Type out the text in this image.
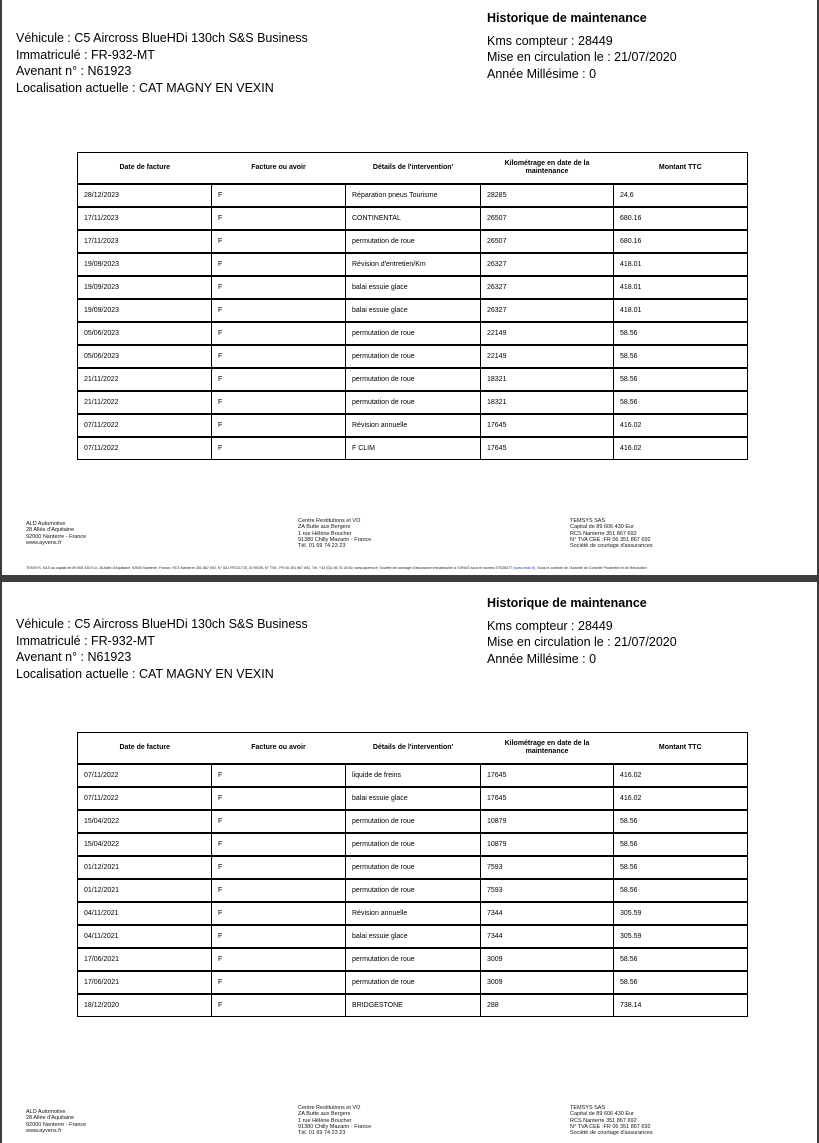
Véhicule : C5 Aircross BlueHDi 130ch S&S Business
Immatriculé : FR-932-MT
Avenant n° : N61923
Localisation actuelle : CAT MAGNY EN VEXIN
Historique de maintenance
Kms compteur : 28449
Mise en circulation le : 21/07/2020
Année Millésime : 0
Date de facture	Facture ou avoir	Détails de l'intervention'	Kilométrage en date de la maintenance	Montant TTC
28/12/2023	F	Réparation pneus Tourisme	28285	24.6
17/11/2023	F	CONTINENTAL	26507	680.16
17/11/2023	F	permutation de roue	26507	680.16
19/09/2023	F	Révision d'entretien/Km	26327	418.01
19/09/2023	F	balai essuie glace	26327	418.01
19/09/2023	F	balai essuie glace	26327	418.01
05/06/2023	F	permutation de roue	22149	58.56
05/06/2023	F	permutation de roue	22149	58.56
21/11/2022	F	permutation de roue	18321	58.56
21/11/2022	F	permutation de roue	18321	58.56
07/11/2022	F	Révision annuelle	17645	416.02
07/11/2022	F	F CLIM	17645	416.02
ALD Automotive
28 Allée d'Aquitaine
92000 Nanterre - France
www.ayvens.fr
Centre Restitutions et VO
ZA Butte aux Bergers
1 rue Hélène Boucher
91380 Chilly Mazarin - France
Tél. 01 69 74 23 23
TEMSYS SAS
Capital de 89 606 430 Eur
RCS Nanterre 351 867 692
N° TVA CEE :FR 06 351 867 692
Société de courtage d'assurances
TEMSYS, SAS au capital de 89 606 430 Eur, 28 Allée d'Aquitaine, 92000 Nanterre, France, RCS Nanterre 351 867 692, N° IDU FR231725_01YBOB, N° TVA : FR 06 351 867 692, Tél. +33 (0)1 56 76 18 60, www.ayvens.fr. Société de courtage d'assurance immatriculée à l'ORIAS sous le numéro 07026077 (www.orias.fr). Sous le contrôle de l'Autorité de Contrôle Prudentiel et de Résolution
Véhicule : C5 Aircross BlueHDi 130ch S&S Business
Immatriculé : FR-932-MT
Avenant n° : N61923
Localisation actuelle : CAT MAGNY EN VEXIN
Historique de maintenance
Kms compteur : 28449
Mise en circulation le : 21/07/2020
Année Millésime : 0
Date de facture	Facture ou avoir	Détails de l'intervention'	Kilométrage en date de la maintenance	Montant TTC
07/11/2022	F	liquide de freins	17645	416.02
07/11/2022	F	balai essuie glace	17645	416.02
15/04/2022	F	permutation de roue	10879	58.56
15/04/2022	F	permutation de roue	10879	58.56
01/12/2021	F	permutation de roue	7593	58.56
01/12/2021	F	permutation de roue	7593	58.56
04/11/2021	F	Révision annuelle	7344	305.59
04/11/2021	F	balai essuie glace	7344	305.59
17/06/2021	F	permutation de roue	3009	58.56
17/06/2021	F	permutation de roue	3009	58.56
18/12/2020	F	BRIDGESTONE	288	738.14
ALD Automotive
28 Allée d'Aquitaine
92000 Nanterre - France
www.ayvens.fr
Centre Restitutions et VO
ZA Butte aux Bergers
1 rue Hélène Boucher
91380 Chilly Mazarin - France
Tél. 01 69 74 23 23
TEMSYS SAS
Capital de 89 606 430 Eur
RCS Nanterre 351 867 692
N° TVA CEE :FR 06 351 867 692
Société de courtage d'assurances
